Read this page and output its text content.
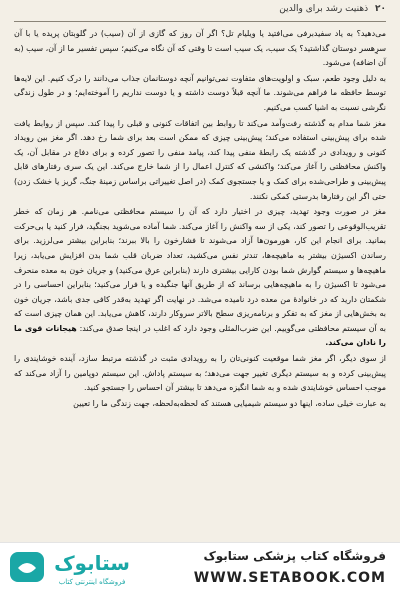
۲۰ ذهنیت رشد برای والدین

می‌دهید؟ به یاد سفیدبرفی می‌افتید یا ویلیام تل؟ اگر آن روز که گازی از آن (سیب) در گلوبتان پریده یا با آن سرِهسر دوستان گذاشتید؟ یک سیب، یک سیب است تا وقتی که آن نگاه می‌کنیم؛ سپس تفسیر ما از آن، سیب (به آن اضافه) می‌شود.

به دلیل وجود طعم، سبک و اولویت‌های متفاوت نمی‌توانیم آنچه دوستانمان جذاب می‌دانند را درک کنیم. این لایه‌ها توسط حافظه ما فراهم می‌شوند. ما آنچه قبلاً دوست داشته و یا دوست نداریم را آموخته‌ایم؛ و در طول زندگی نگرشی نسبت به اشیا کسب می‌کنیم.

مغز شما مدام به گذشته رفت‌وآمد می‌کند تا روابط بین اتفاقات کنونی و قبلی را پیدا کند. سپس از روابط یافت شده برای پیش‌بینی استفاده می‌کند؛ پیش‌بینی چیزی که ممکن است بعد برای شما رخ دهد. اگر مغز بین رویداد کنونی و رویدادی در گذشته یک رابطهٔ منفی پیدا کند، پیامد منفی را تصور کرده و برای دفاع در مقابل آن، یک واکنش محافظتی را آغاز می‌کند؛ واکنشی که کنترل اعمال را از شما خارج می‌کند. این یک سری رفتارهای قابل پیش‌بینی و طراحی‌شده برای کمک و یا جستجوی کمک (در اصل تغییراتی براساس زمینهٔ جنگ، گریز یا خشک زدن) حتی اگر این رفتارها بدرستی کمکی نکنند.

مغز در صورت وجود تهدید، چیزی در اختیار دارد که آن را سیستم محافظتی می‌نامم. هر زمان که خطر تقریب‌الوقوعی را تصور کند، یکی از سه واکنش را آغاز می‌کند. شما آماده می‌شوید بجنگید، فرار کنید یا بی‌حرکت بمانید. برای انجام این کار، هورمون‌ها آزاد می‌شوند تا فشارخون را بالا ببرند؛ بنابراین بیشتر می‌لرزید. برای رساندن اکسیژن بیشتر به ماهیچه‌ها، تندتر نفس می‌کشید، تعداد ضربان قلب شما بدن افزایش می‌یابد، زیرا ماهیچه‌ها و سیستم گوارش شما بودن کارایی بیشتری دارند (بنابراین عرق می‌کنید) و جریان خون به معده منحرف می‌شود تا اکسیژن را به ماهیچه‌هایی برساند که از طریق آنها جنگیده و یا فرار می‌کنید؛ بنابراین احساسی را در شکمتان دارید که در خانوادهٔ من معده درد نامیده می‌شد. در نهایت اگر تهدید به‌قدر کافی جدی باشد، جریان خون به بخش‌هایی از مغز که به تفکر و برنامه‌ریزی سطح بالاتر سروکار دارند، کاهش می‌یابد. این همان چیزی است که به آن سیستم محافظتی می‌گوییم. این ضرب‌المثلی وجود دارد که اغلب در اینجا صدق می‌کند: هیجانات قوی ما را نادان می‌کند.

از سوی دیگر، اگر مغز شما موقعیت کنونی‌تان را به رویدادی مثبت در گذشته مرتبط سازد، آینده خوشایندی را پیش‌بینی کرده و به سیستم دیگری تغییر جهت می‌دهد؛ به سیستم پاداش. این سیستم دوپامین را آزاد می‌کند که موجب احساس خوشایندی شده و به شما انگیزه می‌دهد تا بیشتر آن احساس را جستجو کنید.

به عبارت خیلی ساده، اینها دو سیستم شیمیایی هستند که لحظه‌به‌لحظه، جهت زندگی ما را تعیین

ستابوک
فروشگاه اینترنتی کتاب
فروشگاه کتاب پزشکی ستابوک
WWW.SETABOOK.COM
